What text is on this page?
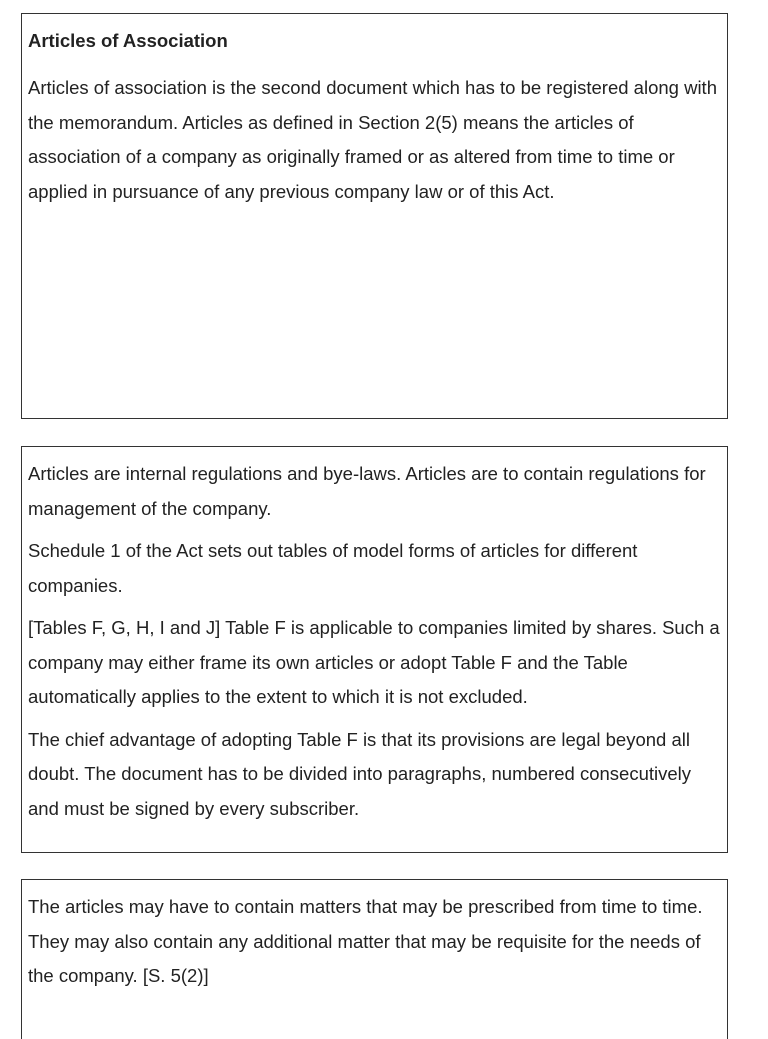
Articles of Association

Articles of association is the second document which has to be registered along with the memorandum. Articles as defined in Section 2(5) means the articles of association of a company as originally framed or as altered from time to time or applied in pursuance of any previous company law or of this Act.

Articles are internal regulations and bye-laws. Articles are to contain regulations for management of the company.

Schedule 1 of the Act sets out tables of model forms of articles for different companies.

[Tables F, G, H, I and J] Table F is applicable to companies limited by shares. Such a company may either frame its own articles or adopt Table F and the Table automatically applies to the extent to which it is not excluded.

The chief advantage of adopting Table F is that its provisions are legal beyond all doubt. The document has to be divided into paragraphs, numbered consecutively and must be signed by every subscriber.

The articles may have to contain matters that may be prescribed from time to time. They may also contain any additional matter that may be requisite for the needs of the company. [S. 5(2)]
